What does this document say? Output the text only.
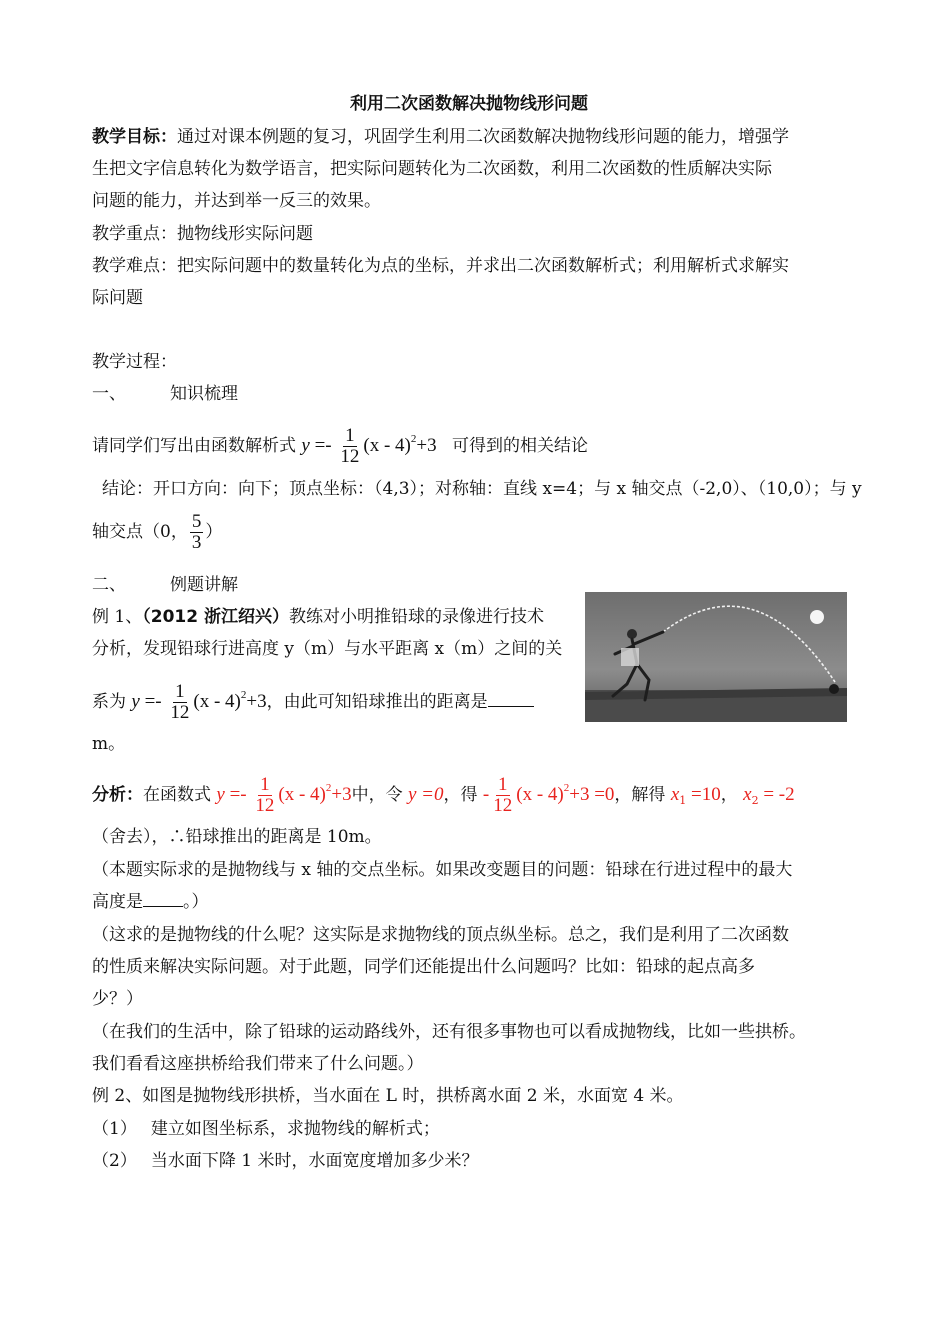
利用二次函数解决抛物线形问题
教学目标：通过对课本例题的复习，巩固学生利用二次函数解决抛物线形问题的能力，增强学
生把文字信息转化为数学语言，把实际问题转化为二次函数，利用二次函数的性质解决实际
问题的能力，并达到举一反三的效果。
教学重点：抛物线形实际问题
教学难点：把实际问题中的数量转化为点的坐标，并求出二次函数解析式；利用解析式求解实
际问题
教学过程：
一、	知识梳理
请同学们写出由函数解析式 $y =- \frac{1}{12} (x - 4)^2+3$ 可得到的相关结论
结论：开口方向：向下；顶点坐标：（4,3）；对称轴：直线 x=4；与 x 轴交点（-2,0）、（10,0）；与 y
轴交点（0， $\frac{5}{3}$ ）
二、	例题讲解
例 1、（2012 浙江绍兴）教练对小明推铅球的录像进行技术
分析，发现铅球行进高度 y（m）与水平距离 x（m）之间的关
系为 $y =- \frac{1}{12} (x - 4)^2+3$，由此可知铅球推出的距离是
m。
分析：在函数式 $y =- \frac{1}{12} (x - 4)^2+3$中，令 y =0，得 - $\frac{1}{12} (x - 4)^2+3 =0$，解得 $x_1 =10$， $x_2 = -2$
（舍去），∴铅球推出的距离是 10m。
（本题实际求的是抛物线与 x 轴的交点坐标。如果改变题目的问题：铅球在行进过程中的最大
高度是 。）
（这求的是抛物线的什么呢？这实际是求抛物线的顶点纵坐标。总之，我们是利用了二次函数
的性质来解决实际问题。对于此题，同学们还能提出什么问题吗？比如：铅球的起点高多
少？）
（在我们的生活中，除了铅球的运动路线外，还有很多事物也可以看成抛物线，比如一些拱桥。
我们看看这座拱桥给我们带来了什么问题。）
例 2、如图是抛物线形拱桥，当水面在 L 时，拱桥离水面 2 米，水面宽 4 米。
（1） 建立如图坐标系，求抛物线的解析式；
（2） 当水面下降 1 米时，水面宽度增加多少米？
